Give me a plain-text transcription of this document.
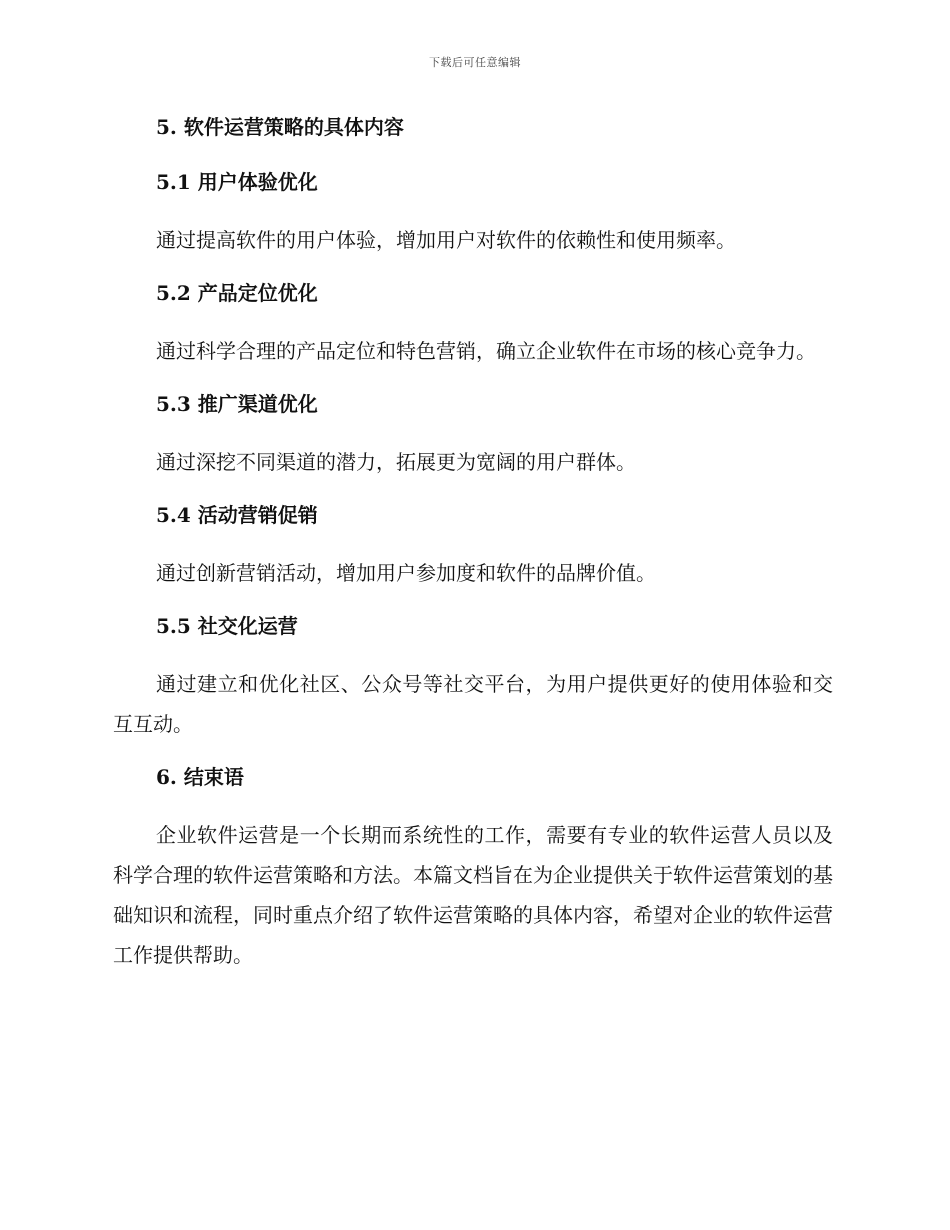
下载后可任意编辑
5. 软件运营策略的具体内容
5.1 用户体验优化
通过提高软件的用户体验，增加用户对软件的依赖性和使用频率。
5.2 产品定位优化
通过科学合理的产品定位和特色营销，确立企业软件在市场的核心竞争力。
5.3 推广渠道优化
通过深挖不同渠道的潜力，拓展更为宽阔的用户群体。
5.4 活动营销促销
通过创新营销活动，增加用户参加度和软件的品牌价值。
5.5 社交化运营
通过建立和优化社区、公众号等社交平台，为用户提供更好的使用体验和交互互动。
6. 结束语
企业软件运营是一个长期而系统性的工作，需要有专业的软件运营人员以及科学合理的软件运营策略和方法。本篇文档旨在为企业提供关于软件运营策划的基础知识和流程，同时重点介绍了软件运营策略的具体内容，希望对企业的软件运营工作提供帮助。
